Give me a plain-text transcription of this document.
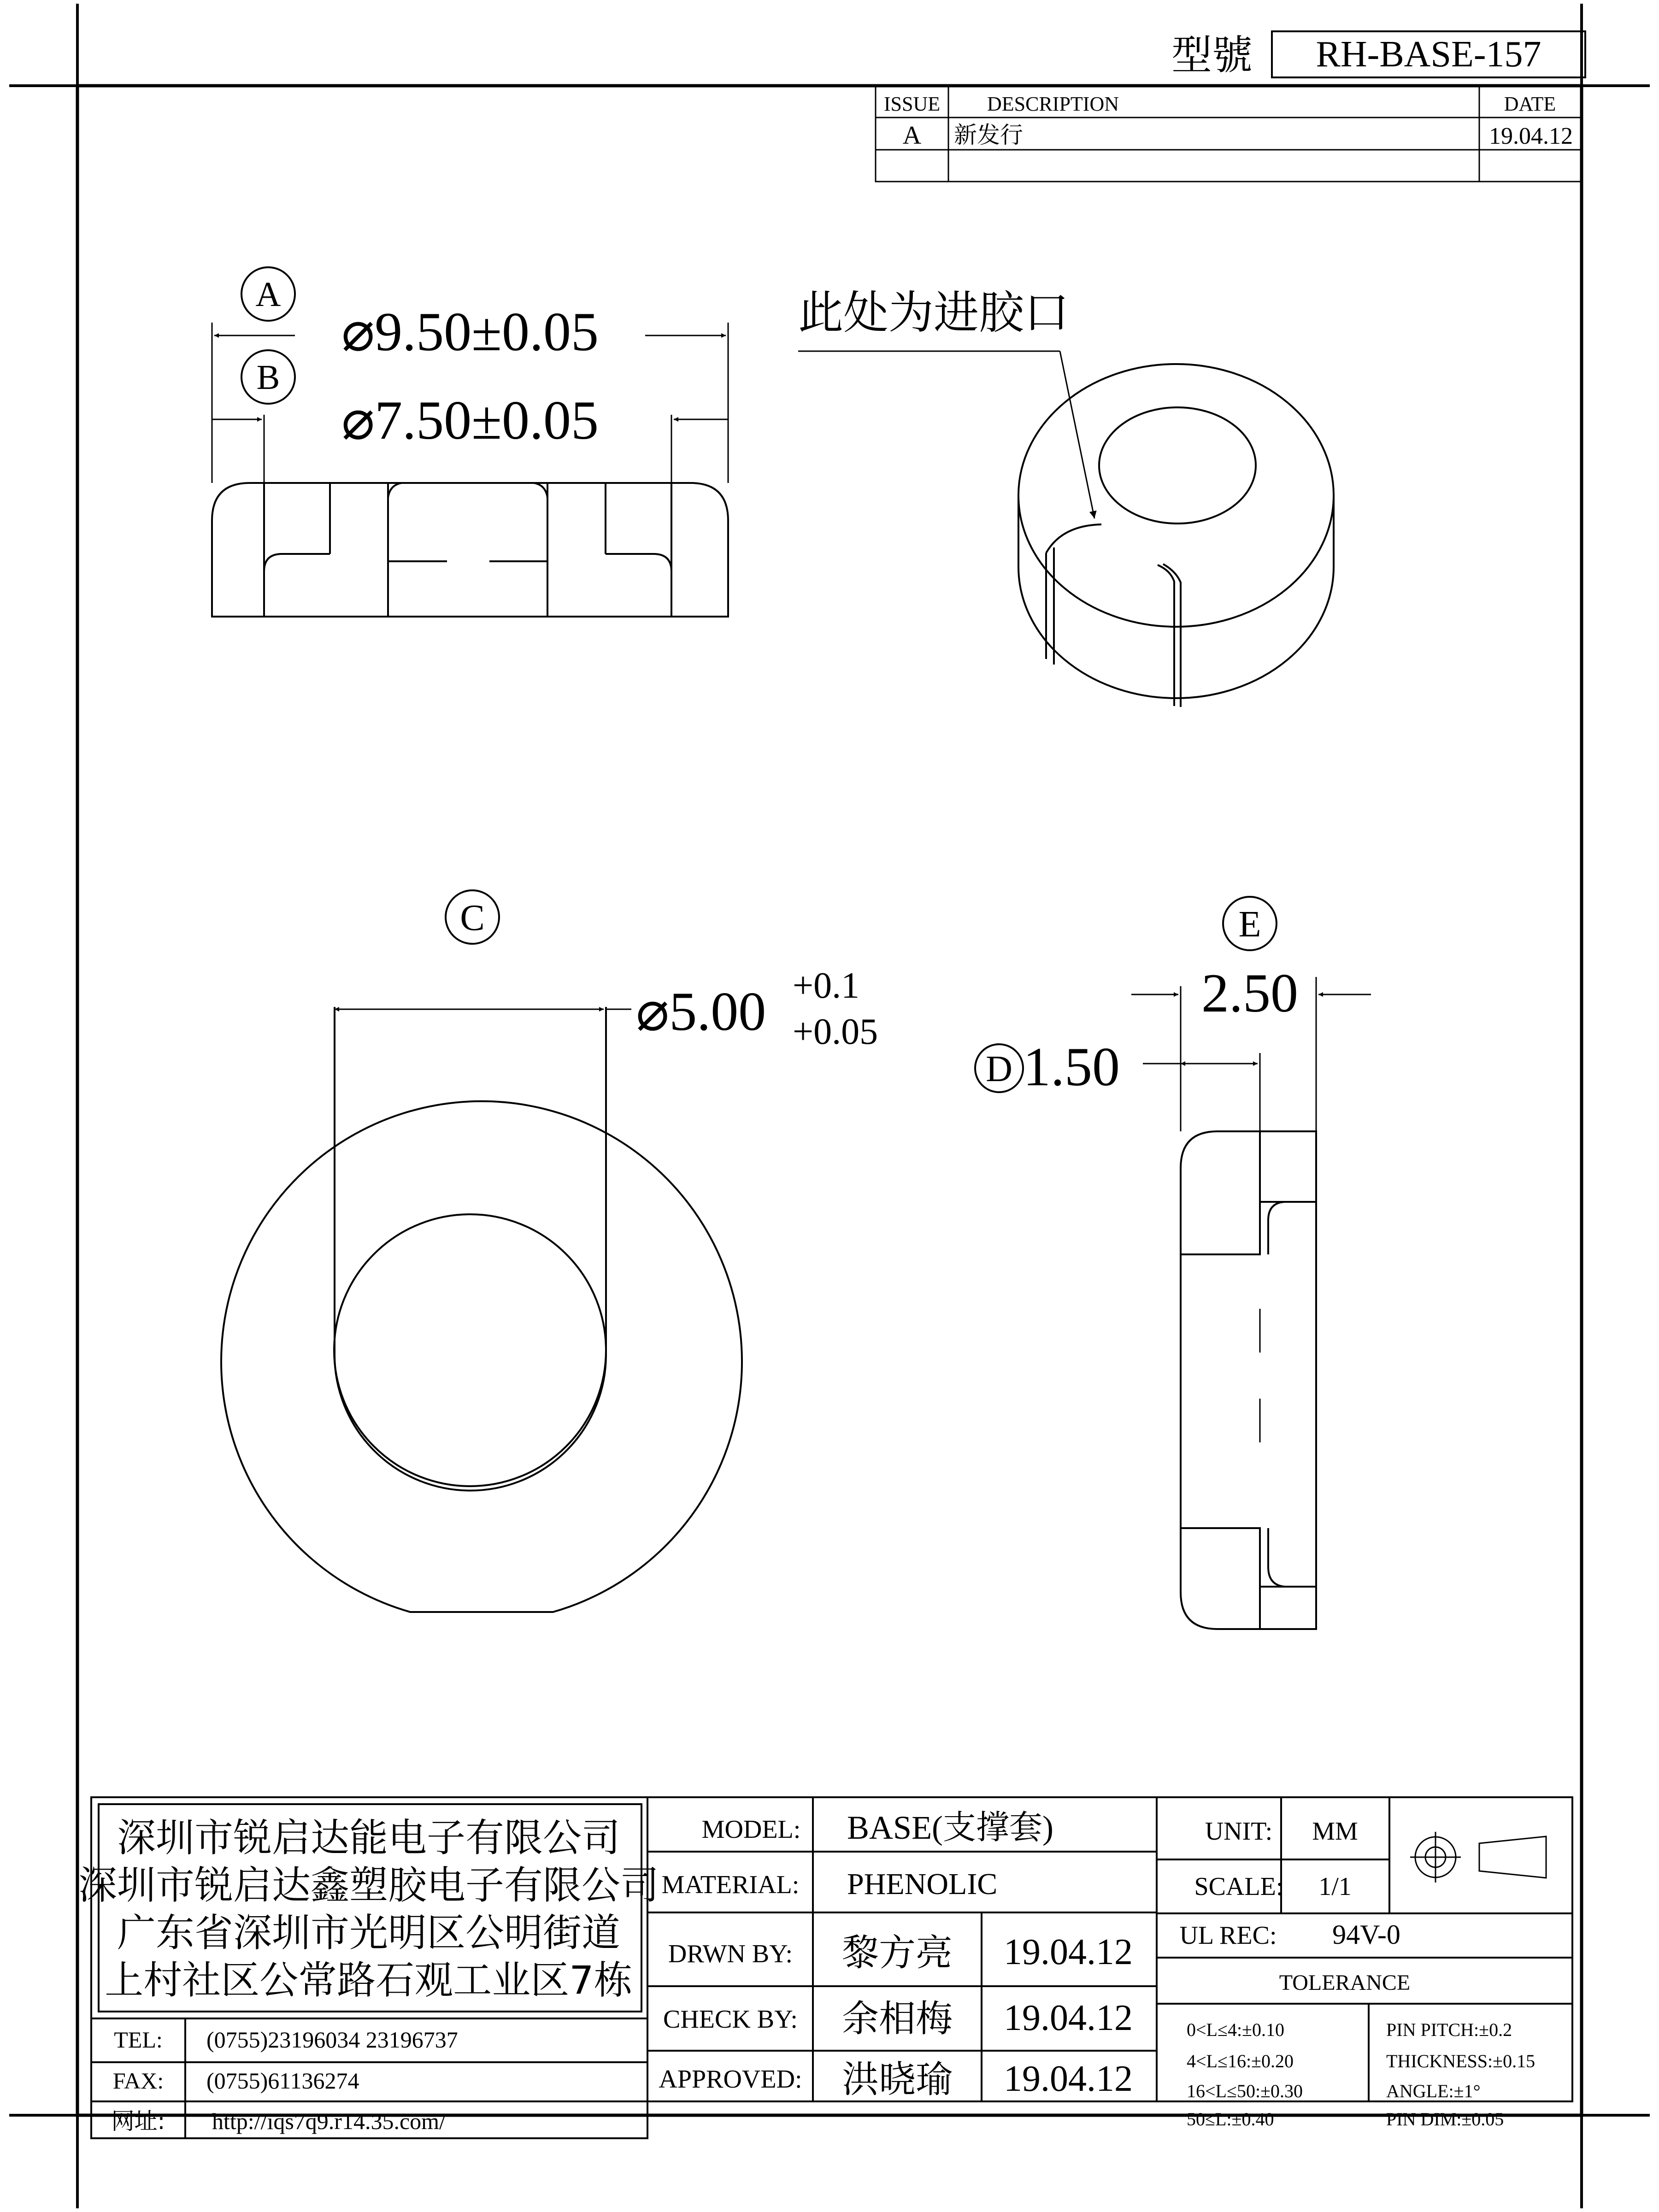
型號 RH-BASE-157
ISSUE DESCRIPTION	DATE
A 新发行	19.04.12
A
⌀9.50±0.05
B
⌀7.50±0.05
此处为进胶口
C
⌀5.00 +0.1
+0.05
E
2.50
D 1.50
深圳市锐启达能电子有限公司
深圳市锐启达鑫塑胶电子有限公司
广东省深圳市光明区公明街道
上村社区公常路石观工业区7栋
TEL: (0755)23196034 23196737
FAX: (0755)61136274
MODEL: BASE(支撑套)
MATERIAL: PHENOLIC
DRWN BY: 黎方亮 19.04.12
CHECK BY: 余相梅 19.04.12
APPROVED: 洪晓瑜 19.04.12
UNIT: MM
SCALE: 1/1
UL REC: 94V-0
TOLERANCE
0<L≤4:±0.10
4<L≤16:±0.20
16<L≤50:±0.30
50≤L:±0.40
PIN PITCH:±0.2
THICKNESS:±0.15
ANGLE:±1°
PIN DIM:±0.05
网址: http://iqs7q9.r14.35.com/
